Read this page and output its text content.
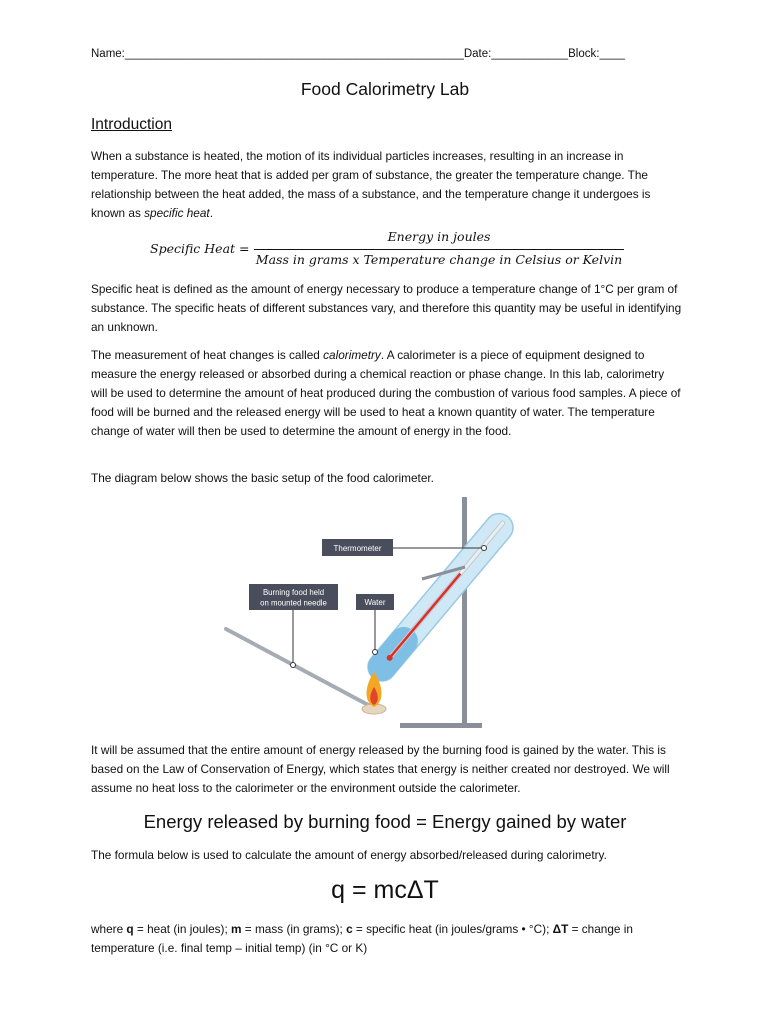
Name:_____________________________________________________Date:____________Block:____
Food Calorimetry Lab
Introduction
When a substance is heated, the motion of its individual particles increases, resulting in an increase in temperature. The more heat that is added per gram of substance, the greater the temperature change. The relationship between the heat added, the mass of a substance, and the temperature change it undergoes is known as specific heat.
Specific Heat =
Energy in joules
Mass in grams x Temperature change in Celsius or Kelvin
Specific heat is defined as the amount of energy necessary to produce a temperature change of 1°C per gram of substance. The specific heats of different substances vary, and therefore this quantity may be useful in identifying an unknown.
The measurement of heat changes is called calorimetry. A calorimeter is a piece of equipment designed to measure the energy released or absorbed during a chemical reaction or phase change. In this lab, calorimetry will be used to determine the amount of heat produced during the combustion of various food samples. A piece of food will be burned and the released energy will be used to heat a known quantity of water. The temperature change of water will then be used to determine the amount of energy in the food.
The diagram below shows the basic setup of the food calorimeter.
Thermometer
Burning food held
on mounted needle	Water
It will be assumed that the entire amount of energy released by the burning food is gained by the water. This is based on the Law of Conservation of Energy, which states that energy is neither created nor destroyed. We will assume no heat loss to the calorimeter or the environment outside the calorimeter.
Energy released by burning food = Energy gained by water
The formula below is used to calculate the amount of energy absorbed/released during calorimetry.
q = mcΔT
where q = heat (in joules); m = mass (in grams); c = specific heat (in joules/grams • °C); ΔT = change in temperature (i.e. final temp – initial temp) (in °C or K)
